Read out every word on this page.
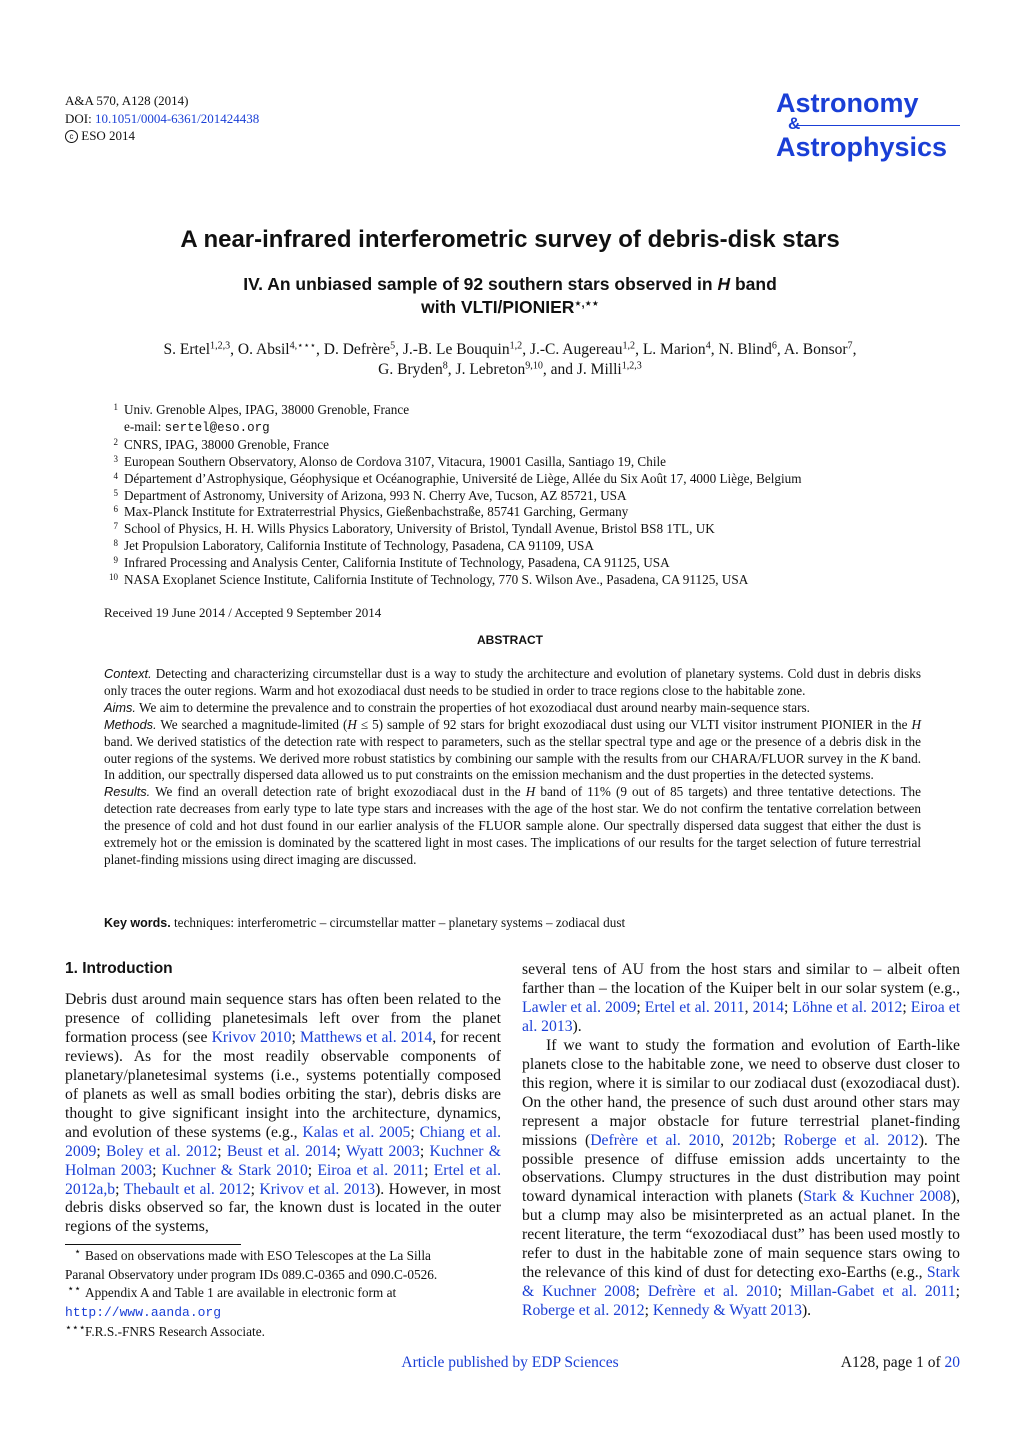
A&A 570, A128 (2014)
DOI: 10.1051/0004-6361/201424438
c ESO 2014
Astronomy
&
Astrophysics
A near-infrared interferometric survey of debris-disk stars
IV. An unbiased sample of 92 southern stars observed in H band
with VLTI/PIONIER⋆,⋆⋆
S. Ertel$^{1,2,3}$, O. Absil$^{4,⋆⋆⋆}$, D. Defrère$^5$, J.-B. Le Bouquin$^{1,2}$, J.-C. Augereau$^{1,2}$, L. Marion$^4$, N. Blind$^6$, A. Bonsor$^7$,
G. Bryden$^8$, J. Lebreton$^{9,10}$, and J. Milli$^{1,2,3}$
1 Univ. Grenoble Alpes, IPAG, 38000 Grenoble, France
e-mail: sertel@eso.org
2 CNRS, IPAG, 38000 Grenoble, France
3 European Southern Observatory, Alonso de Cordova 3107, Vitacura, 19001 Casilla, Santiago 19, Chile
4 Département d’Astrophysique, Géophysique et Océanographie, Université de Liège, Allée du Six Août 17, 4000 Liège, Belgium
5 Department of Astronomy, University of Arizona, 993 N. Cherry Ave, Tucson, AZ 85721, USA
6 Max-Planck Institute for Extraterrestrial Physics, Gießenbachstraße, 85741 Garching, Germany
7 School of Physics, H. H. Wills Physics Laboratory, University of Bristol, Tyndall Avenue, Bristol BS8 1TL, UK
8 Jet Propulsion Laboratory, California Institute of Technology, Pasadena, CA 91109, USA
9 Infrared Processing and Analysis Center, California Institute of Technology, Pasadena, CA 91125, USA
10 NASA Exoplanet Science Institute, California Institute of Technology, 770 S. Wilson Ave., Pasadena, CA 91125, USA
Received 19 June 2014 / Accepted 9 September 2014
ABSTRACT

Context. Detecting and characterizing circumstellar dust is a way to study the architecture and evolution of planetary systems. Cold dust in debris disks only traces the outer regions. Warm and hot exozodiacal dust needs to be studied in order to trace regions close to the habitable zone.

Aims. We aim to determine the prevalence and to constrain the properties of hot exozodiacal dust around nearby main-sequence stars.

Methods. We searched a magnitude-limited (H ≤ 5) sample of 92 stars for bright exozodiacal dust using our VLTI visitor instrument PIONIER in the H band. We derived statistics of the detection rate with respect to parameters, such as the stellar spectral type and age or the presence of a debris disk in the outer regions of the systems. We derived more robust statistics by combining our sample with the results from our CHARA/FLUOR survey in the K band. In addition, our spectrally dispersed data allowed us to put constraints on the emission mechanism and the dust properties in the detected systems.

Results. We find an overall detection rate of bright exozodiacal dust in the H band of 11% (9 out of 85 targets) and three tentative detections. The detection rate decreases from early type to late type stars and increases with the age of the host star. We do not confirm the tentative correlation between the presence of cold and hot dust found in our earlier analysis of the FLUOR sample alone. Our spectrally dispersed data suggest that either the dust is extremely hot or the emission is dominated by the scattered light in most cases. The implications of our results for the target selection of future terrestrial planet-finding missions using direct imaging are discussed.

Key words. techniques: interferometric – circumstellar matter – planetary systems – zodiacal dust
1. Introduction

Debris dust around main sequence stars has often been related to the presence of colliding planetesimals left over from the planet formation process (see Krivov 2010; Matthews et al. 2014, for recent reviews). As for the most readily observable components of planetary/planetesimal systems (i.e., systems potentially composed of planets as well as small bodies orbiting the star), debris disks are thought to give significant insight into the architecture, dynamics, and evolution of these systems (e.g., Kalas et al. 2005; Chiang et al. 2009; Boley et al. 2012; Beust et al. 2014; Wyatt 2003; Kuchner & Holman 2003; Kuchner & Stark 2010; Eiroa et al. 2011; Ertel et al. 2012a,b; Thebault et al. 2012; Krivov et al. 2013). However, in most debris disks observed so far, the known dust is located in the outer regions of the systems,

several tens of AU from the host stars and similar to – albeit often farther than – the location of the Kuiper belt in our solar system (e.g., Lawler et al. 2009; Ertel et al. 2011, 2014; Löhne et al. 2012; Eiroa et al. 2013).

If we want to study the formation and evolution of Earth-like planets close to the habitable zone, we need to observe dust closer to this region, where it is similar to our zodiacal dust (exozodiacal dust). On the other hand, the presence of such dust around other stars may represent a major obstacle for future terrestrial planet-finding missions (Defrère et al. 2010, 2012b; Roberge et al. 2012). The possible presence of diffuse emission adds uncertainty to the observations. Clumpy structures in the dust distribution may point toward dynamical interaction with planets (Stark & Kuchner 2008), but a clump may also be misinterpreted as an actual planet. In the recent literature, the term “exozodiacal dust” has been used mostly to refer to dust in the habitable zone of main sequence stars owing to the relevance of this kind of dust for detecting exo-Earths (e.g., Stark & Kuchner 2008; Defrère et al. 2010; Millan-Gabet et al. 2011; Roberge et al. 2012; Kennedy & Wyatt 2013).

⋆ Based on observations made with ESO Telescopes at the La Silla
Paranal Observatory under program IDs 089.C-0365 and 090.C-0526.
⋆⋆ Appendix A and Table 1 are available in electronic form at
http://www.aanda.org
⋆⋆⋆ F.R.S.-FNRS Research Associate.
Article published by EDP Sciences	A128, page 1 of 20
